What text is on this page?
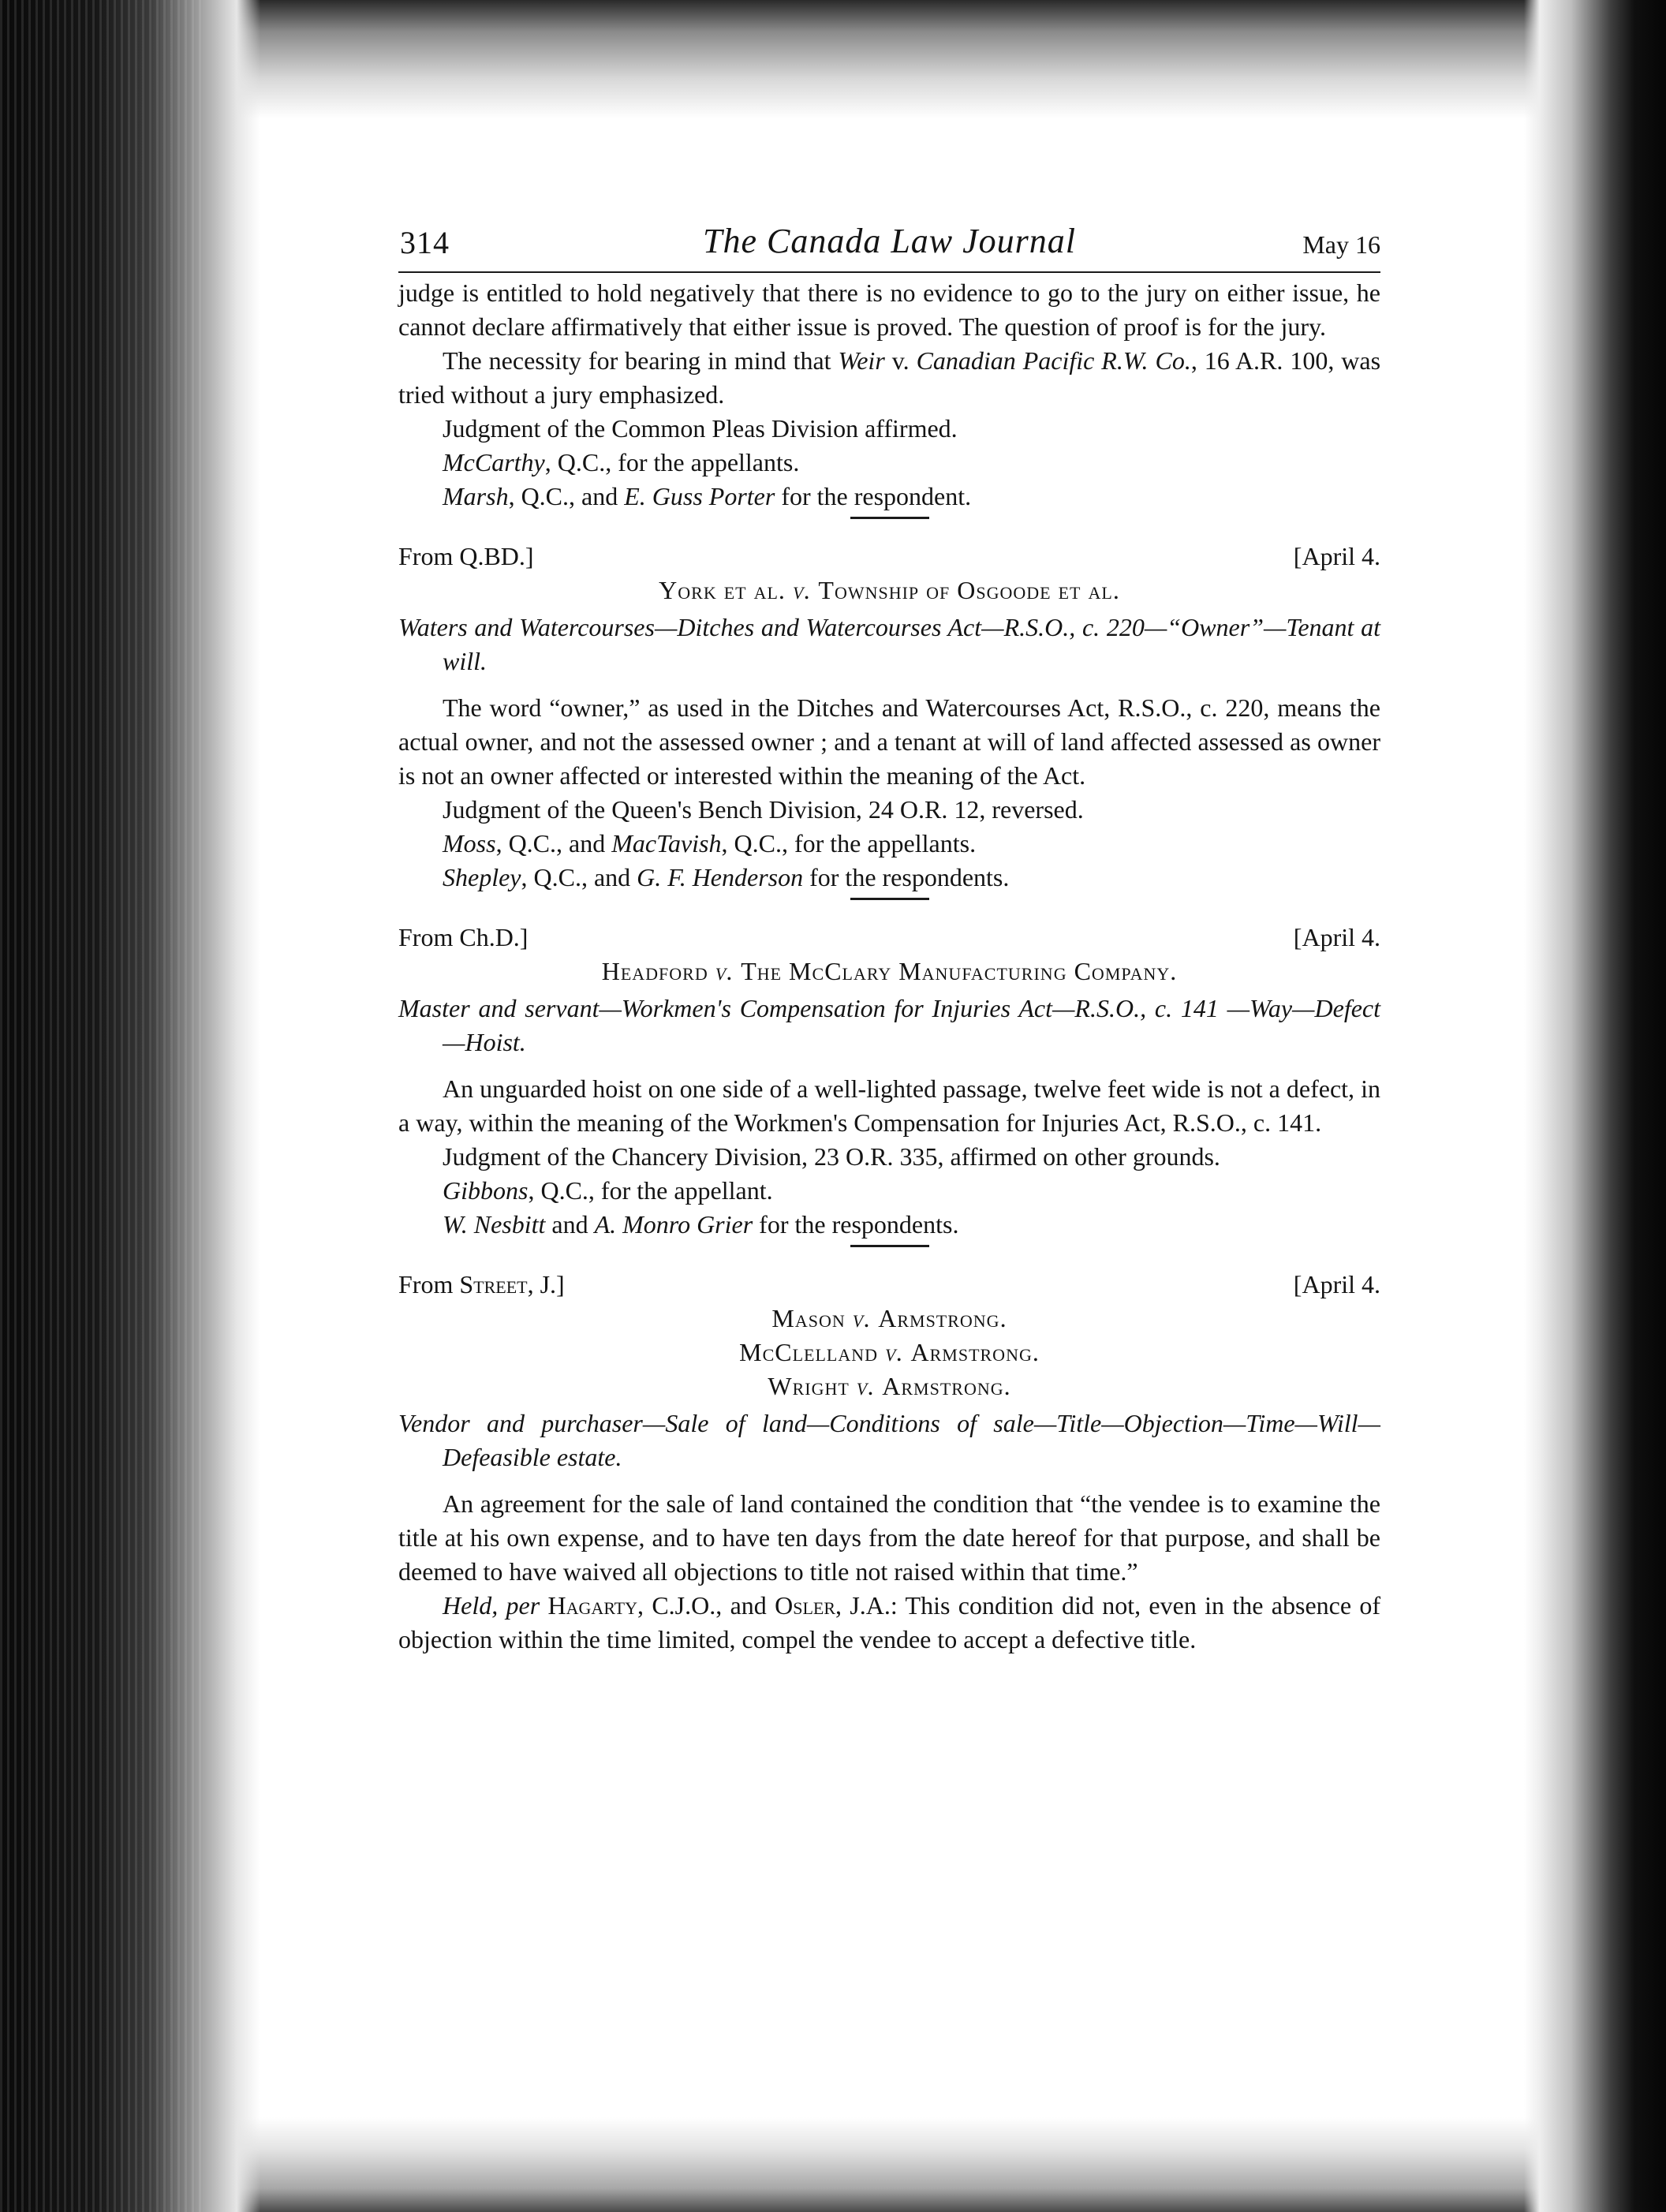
314	The Canada Law Journal	May 16

judge is entitled to hold negatively that there is no evidence to go to the jury on either issue, he cannot declare affirmatively that either issue is proved. The question of proof is for the jury.

The necessity for bearing in mind that Weir v. Canadian Pacific R.W. Co., 16 A.R. 100, was tried without a jury emphasized.

Judgment of the Common Pleas Division affirmed.

McCarthy, Q.C., for the appellants.

Marsh, Q.C., and E. Guss Porter for the respondent.

From Q.BD.]	[April 4.
York et al. v. Township of Osgoode et al.

Waters and Watercourses—Ditches and Watercourses Act—R.S.O., c. 220—“Owner”—Tenant at will.

The word “owner,” as used in the Ditches and Watercourses Act, R.S.O., c. 220, means the actual owner, and not the assessed owner ; and a tenant at will of land affected assessed as owner is not an owner affected or interested within the meaning of the Act.

Judgment of the Queen's Bench Division, 24 O.R. 12, reversed.

Moss, Q.C., and MacTavish, Q.C., for the appellants.

Shepley, Q.C., and G. F. Henderson for the respondents.

From Ch.D.]	[April 4.
Headford v. The McClary Manufacturing Company.

Master and servant—Workmen's Compensation for Injuries Act—R.S.O., c. 141 —Way—Defect—Hoist.

An unguarded hoist on one side of a well-lighted passage, twelve feet wide is not a defect, in a way, within the meaning of the Workmen's Compensation for Injuries Act, R.S.O., c. 141.

Judgment of the Chancery Division, 23 O.R. 335, affirmed on other grounds.

Gibbons, Q.C., for the appellant.

W. Nesbitt and A. Monro Grier for the respondents.

From Street, J.]	[April 4.
Mason v. Armstrong.
McClelland v. Armstrong.
Wright v. Armstrong.

Vendor and purchaser—Sale of land—Conditions of sale—Title—Objection—Time—Will—Defeasible estate.

An agreement for the sale of land contained the condition that “the vendee is to examine the title at his own expense, and to have ten days from the date hereof for that purpose, and shall be deemed to have waived all objections to title not raised within that time.”

Held, per Hagarty, C.J.O., and Osler, J.A.: This condition did not, even in the absence of objection within the time limited, compel the vendee to accept a defective title.
